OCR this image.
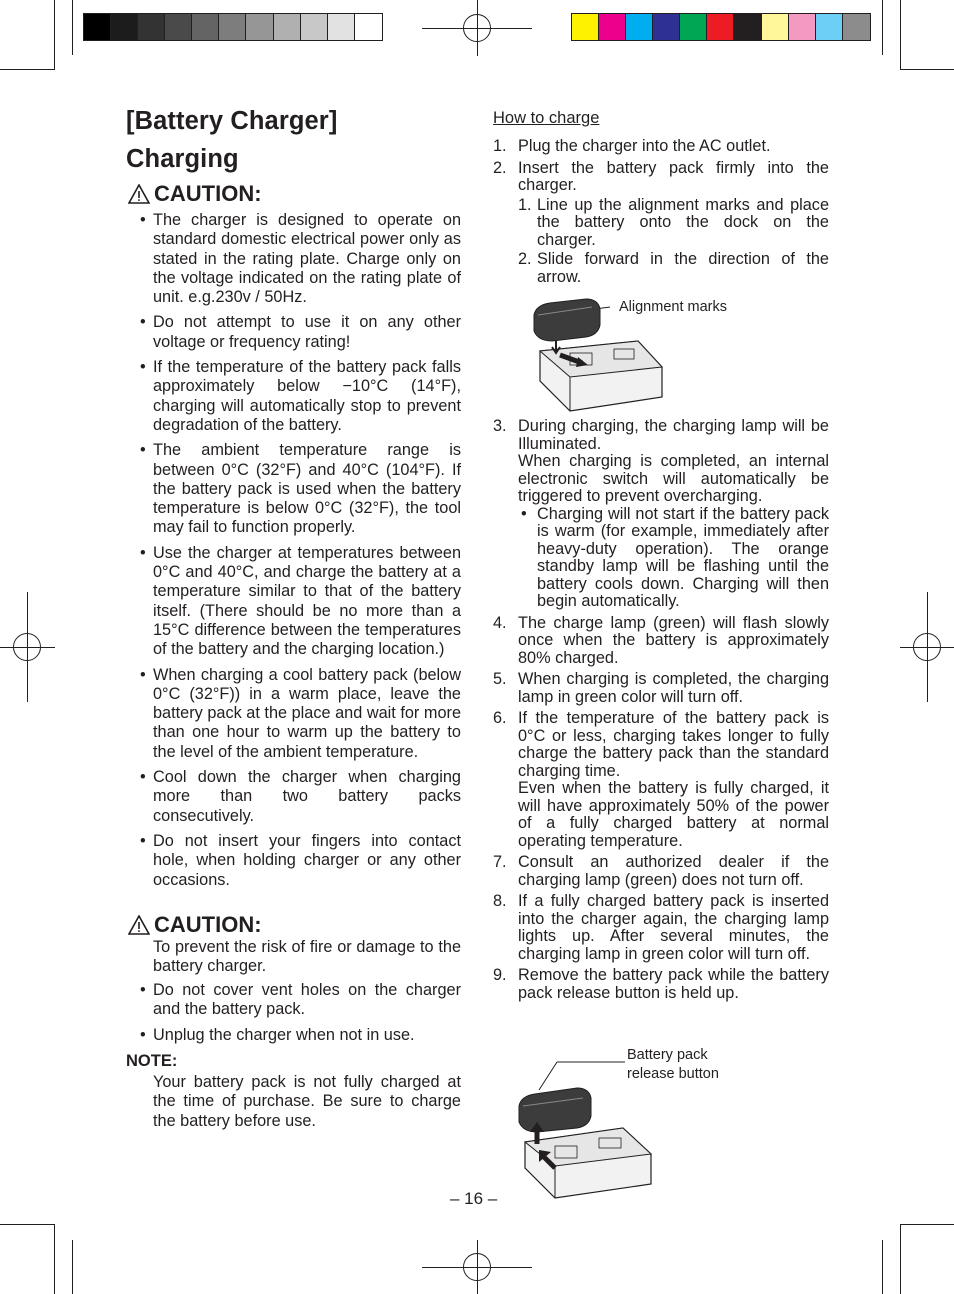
[Battery Charger]
Charging
CAUTION:
• The charger is designed to operate on standard domestic electrical power only as stated in the rating plate. Charge only on the voltage indicated on the rating plate of unit. e.g.230v / 50Hz.
• Do not attempt to use it on any other voltage or frequency rating!
• If the temperature of the battery pack falls approximately below −10°C (14°F), charging will automatically stop to prevent degradation of the battery.
• The ambient temperature range is between 0°C (32°F) and 40°C (104°F). If the battery pack is used when the battery temperature is below 0°C (32°F), the tool may fail to function properly.
• Use the charger at temperatures between 0°C and 40°C, and charge the battery at a temperature similar to that of the battery itself. (There should be no more than a 15°C difference between the temperatures of the battery and the charging location.)
• When charging a cool battery pack (below 0°C (32°F)) in a warm place, leave the battery pack at the place and wait for more than one hour to warm up the battery to the level of the ambient temperature.
• Cool down the charger when charging more than two battery packs consecutively.
• Do not insert your fingers into contact hole, when holding charger or any other occasions.
CAUTION:
To prevent the risk of fire or damage to the battery charger.
• Do not cover vent holes on the charger and the battery pack.
• Unplug the charger when not in use.
NOTE:
Your battery pack is not fully charged at the time of purchase. Be sure to charge the battery before use.
How to charge
1. Plug the charger into the AC outlet.
2. Insert the battery pack firmly into the charger.
1. Line up the alignment marks and place the battery onto the dock on the charger.
2. Slide forward in the direction of the arrow.
Alignment marks
3. During charging, the charging lamp will be Illuminated.
When charging is completed, an internal electronic switch will automatically be triggered to prevent overcharging.
• Charging will not start if the battery pack is warm (for example, immediately after heavy-duty operation). The orange standby lamp will be flashing until the battery cools down. Charging will then begin automatically.
4. The charge lamp (green) will flash slowly once when the battery is approximately 80% charged.
5. When charging is completed, the charging lamp in green color will turn off.
6. If the temperature of the battery pack is 0°C or less, charging takes longer to fully charge the battery pack than the standard charging time.
Even when the battery is fully charged, it will have approximately 50% of the power of a fully charged battery at normal operating temperature.
7. Consult an authorized dealer if the charging lamp (green) does not turn off.
8. If a fully charged battery pack is inserted into the charger again, the charging lamp lights up. After several minutes, the charging lamp in green color will turn off.
9. Remove the battery pack while the battery pack release button is held up.
Battery pack
release button
– 16 –
